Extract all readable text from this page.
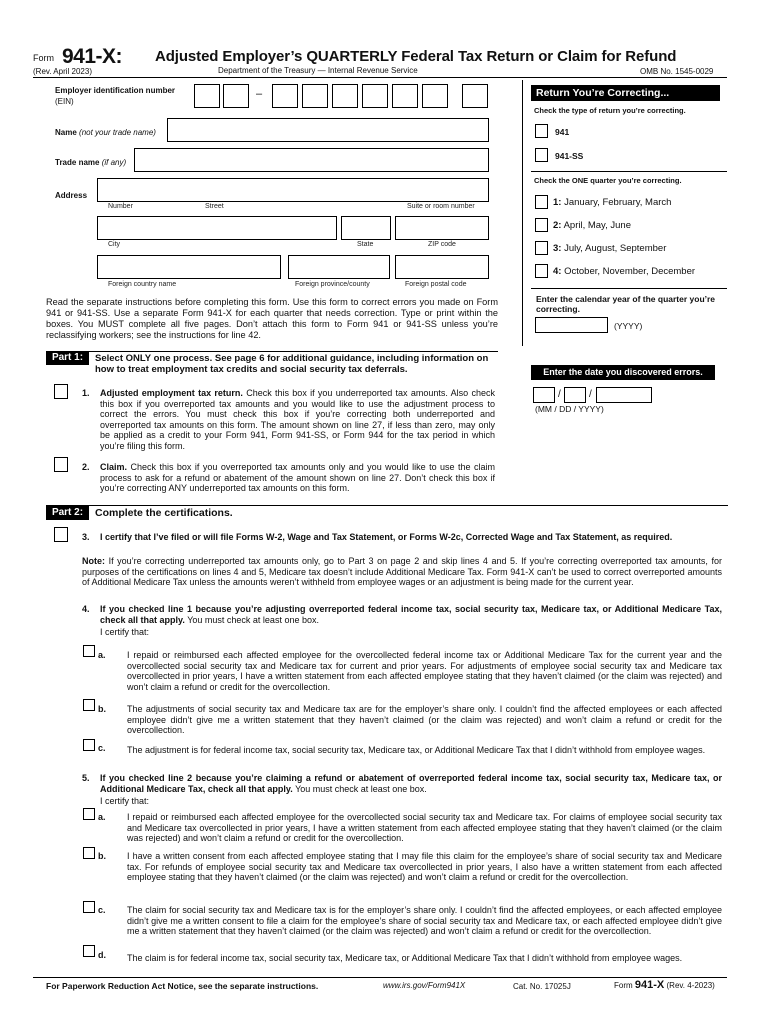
Form 941-X: Adjusted Employer’s QUARTERLY Federal Tax Return or Claim for Refund
(Rev. April 2023)	Department of the Treasury — Internal Revenue Service	OMB No. 1545-0029
Employer identification number
(EIN)
–
Name (not your trade name)
Trade name (if any)
Address
Number	Street	Suite or room number
City	State	ZIP code
Foreign country name	Foreign province/county	Foreign postal code
Read the separate instructions before completing this form. Use this form to correct errors you made on Form 941 or 941-SS. Use a separate Form 941-X for each quarter that needs correction. Type or print within the boxes. You MUST complete all five pages. Don’t attach this form to Form 941 or 941-SS unless you’re reclassifying workers; see the instructions for line 42.
Return You’re Correcting...
Check the type of return you’re correcting.
941
941-SS
Check the ONE quarter you’re correcting.
1: January, February, March
2: April, May, June
3: July, August, September
4: October, November, December
Enter the calendar year of the quarter you’re correcting.
(YYYY)
Enter the date you discovered errors.
/	/
(MM / DD / YYYY)
Part 1:	Select ONLY one process. See page 6 for additional guidance, including information on how to treat employment tax credits and social security tax deferrals.
1. Adjusted employment tax return. Check this box if you underreported tax amounts. Also check this box if you overreported tax amounts and you would like to use the adjustment process to correct the errors. You must check this box if you’re correcting both underreported and overreported tax amounts on this form. The amount shown on line 27, if less than zero, may only be applied as a credit to your Form 941, Form 941-SS, or Form 944 for the tax period in which you’re filing this form.
2. Claim. Check this box if you overreported tax amounts only and you would like to use the claim process to ask for a refund or abatement of the amount shown on line 27. Don’t check this box if you’re correcting ANY underreported tax amounts on this form.
Part 2:	Complete the certifications.
3. I certify that I’ve filed or will file Forms W-2, Wage and Tax Statement, or Forms W-2c, Corrected Wage and Tax Statement, as required.
Note: If you’re correcting underreported tax amounts only, go to Part 3 on page 2 and skip lines 4 and 5. If you’re correcting overreported tax amounts, for purposes of the certifications on lines 4 and 5, Medicare tax doesn’t include Additional Medicare Tax. Form 941-X can’t be used to correct overreported amounts of Additional Medicare Tax unless the amounts weren’t withheld from employee wages or an adjustment is being made for the current year.
4. If you checked line 1 because you’re adjusting overreported federal income tax, social security tax, Medicare tax, or Additional Medicare Tax, check all that apply. You must check at least one box.
I certify that:
a. I repaid or reimbursed each affected employee for the overcollected federal income tax or Additional Medicare Tax for the current year and the overcollected social security tax and Medicare tax for current and prior years. For adjustments of employee social security tax and Medicare tax overcollected in prior years, I have a written statement from each affected employee stating that they haven’t claimed (or the claim was rejected) and won’t claim a refund or credit for the overcollection.
b. The adjustments of social security tax and Medicare tax are for the employer’s share only. I couldn’t find the affected employees or each affected employee didn’t give me a written statement that they haven’t claimed (or the claim was rejected) and won’t claim a refund or credit for the overcollection.
c. The adjustment is for federal income tax, social security tax, Medicare tax, or Additional Medicare Tax that I didn’t withhold from employee wages.
5. If you checked line 2 because you’re claiming a refund or abatement of overreported federal income tax, social security tax, Medicare tax, or Additional Medicare Tax, check all that apply. You must check at least one box.
I certify that:
a. I repaid or reimbursed each affected employee for the overcollected social security tax and Medicare tax. For claims of employee social security tax and Medicare tax overcollected in prior years, I have a written statement from each affected employee stating that they haven’t claimed (or the claim was rejected) and won’t claim a refund or credit for the overcollection.
b. I have a written consent from each affected employee stating that I may file this claim for the employee’s share of social security tax and Medicare tax. For refunds of employee social security tax and Medicare tax overcollected in prior years, I also have a written statement from each affected employee stating that they haven’t claimed (or the claim was rejected) and won’t claim a refund or credit for the overcollection.
c. The claim for social security tax and Medicare tax is for the employer’s share only. I couldn’t find the affected employees, or each affected employee didn’t give me a written consent to file a claim for the employee’s share of social security tax and Medicare tax, or each affected employee didn’t give me a written statement that they haven’t claimed (or the claim was rejected) and won’t claim a refund or credit for the overcollection.
d. The claim is for federal income tax, social security tax, Medicare tax, or Additional Medicare Tax that I didn’t withhold from employee wages.
For Paperwork Reduction Act Notice, see the separate instructions.	www.irs.gov/Form941X	Cat. No. 17025J	Form 941-X (Rev. 4-2023)
